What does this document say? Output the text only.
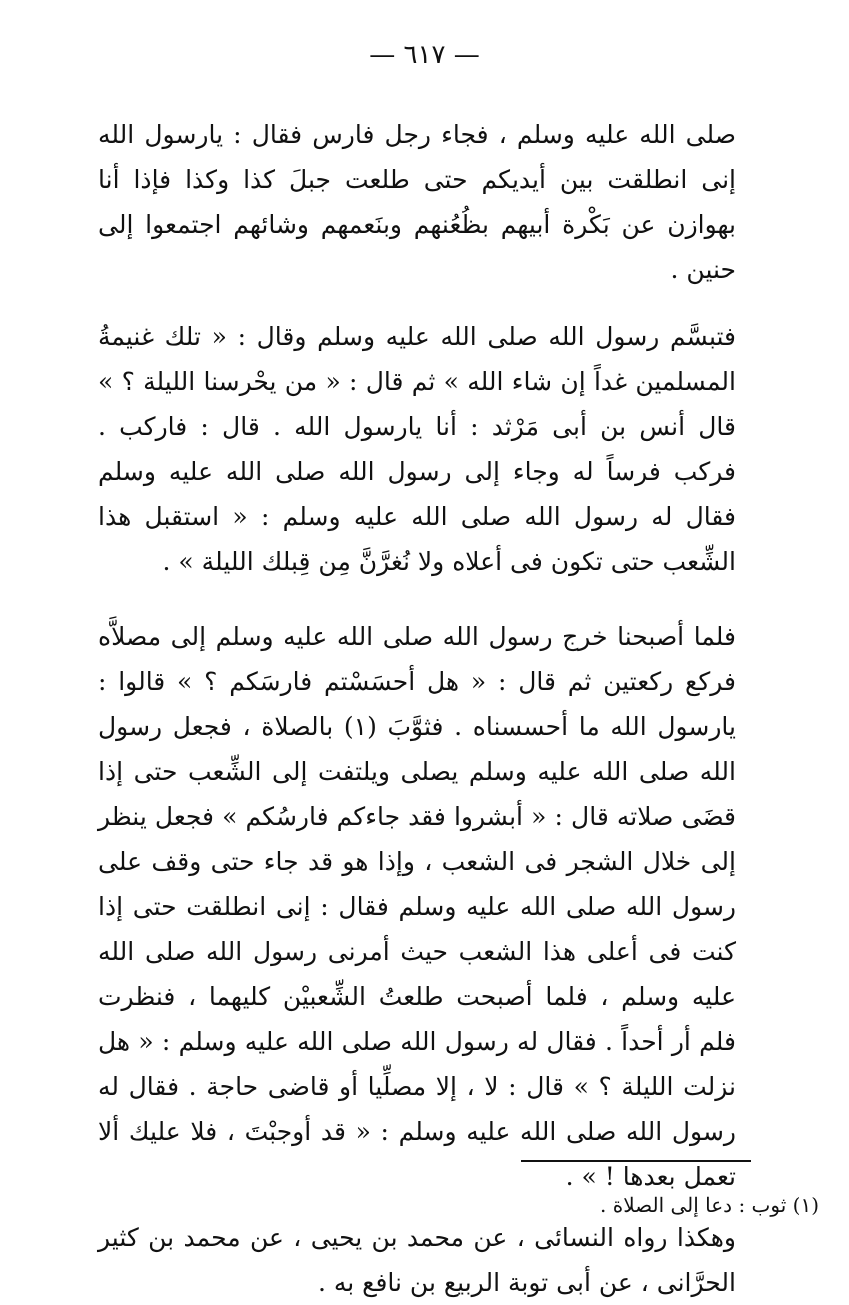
— ٦١٧ —

صلى الله عليه وسلم ، فجاء رجل فارس فقال : يارسول الله إنى انطلقت بين أيديكم حتى طلعت جبلَ كذا وكذا فإذا أنا بهوازن عن بَكْرة أبيهم بظُعُنهم وبنَعمهم وشائهم اجتمعوا إلى حنين .

فتبسَّم رسول الله صلى الله عليه وسلم وقال : « تلك غنيمةُ المسلمين غداً إن شاء الله » ثم قال : « من يحْرسنا الليلة ؟ » قال أنس بن أبى مَرْثد : أنا يارسول الله . قال : فاركب . فركب فرساً له وجاء إلى رسول الله صلى الله عليه وسلم فقال له رسول الله صلى الله عليه وسلم : « استقبل هذا الشِّعب حتى تكون فى أعلاه ولا نُغرَّنَّ مِن قِبلك الليلة » .

فلما أصبحنا خرج رسول الله صلى الله عليه وسلم إلى مصلاَّه فركع ركعتين ثم قال : « هل أحسَسْتم فارسَكم ؟ » قالوا : يارسول الله ما أحسسناه . فثوَّبَ (١) بالصلاة ، فجعل رسول الله صلى الله عليه وسلم يصلى ويلتفت إلى الشِّعب حتى إذا قضَى صلاته قال : « أبشروا فقد جاءكم فارسُكم » فجعل ينظر إلى خلال الشجر فى الشعب ، وإذا هو قد جاء حتى وقف على رسول الله صلى الله عليه وسلم فقال : إنى انطلقت حتى إذا كنت فى أعلى هذا الشعب حيث أمرنى رسول الله صلى الله عليه وسلم ، فلما أصبحت طلعتُ الشِّعبيْن كليهما ، فنظرت فلم أر أحداً . فقال له رسول الله صلى الله عليه وسلم : « هل نزلت الليلة ؟ » قال : لا ، إلا مصلِّيا أو قاضى حاجة . فقال له رسول الله صلى الله عليه وسلم : « قد أوجبْتَ ، فلا عليك ألا تعمل بعدها ! » .

وهكذا رواه النسائى ، عن محمد بن يحيى ، عن محمد بن كثير الحرَّانى ، عن أبى توبة الربيع بن نافع به .

(١) ثوب : دعا إلى الصلاة .
